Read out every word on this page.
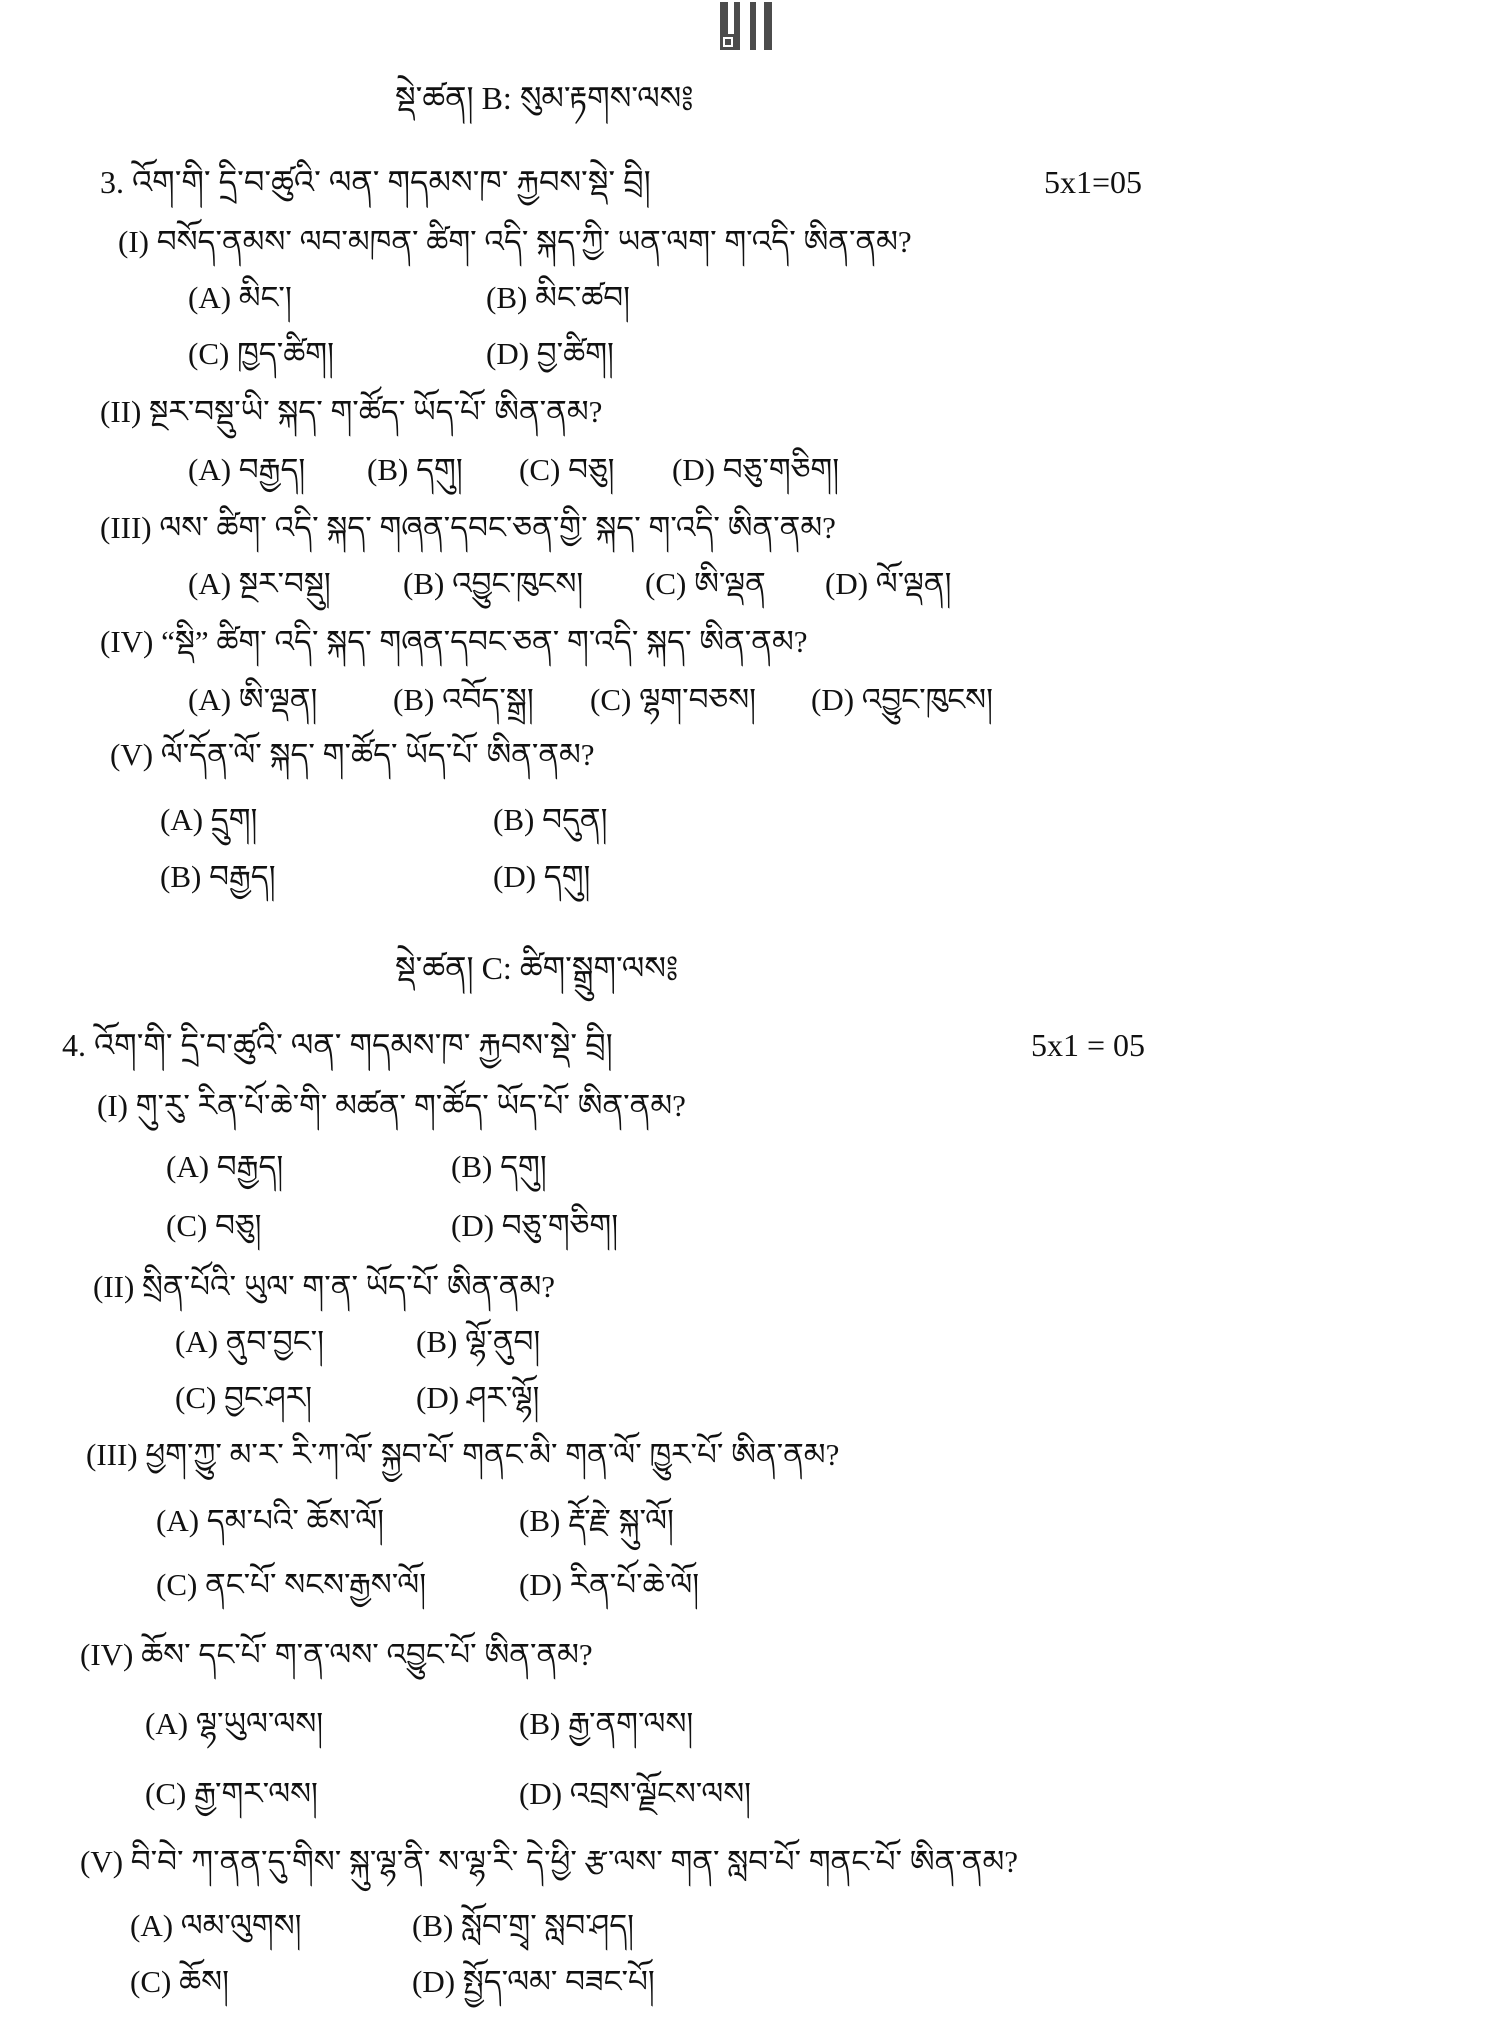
སྡེ་ཚན། B: སུམ་རྟགས་ལས༔
3. འོག་གི་ དྲི་བ་ཚུའི་ ལན་ གདམས་ཁ་ རྐྱབས་སྡེ་ བྲི།	5x1=05
(I) བསོད་ནམས་ ལབ་མཁན་ ཚིག་ འདི་ སྐད་ཀྱི་ ཡན་ལག་ ག་འདི་ ཨིན་ནམ?
(A) མིང་།	(B) མིང་ཚབ།
(C) ཁྱད་ཚིག།	(D) བྱ་ཚིག།
(II) སྔར་བསྡུ་ཡི་ སྐད་ ག་ཚོད་ ཡོད་པོ་ ཨིན་ནམ?
(A) བརྒྱད། (B) དགུ། (C) བཅུ། (D) བཅུ་གཅིག།
(III) ལས་ ཚིག་ འདི་ སྐད་ གཞན་དབང་ཅན་གྱི་ སྐད་ ག་འདི་ ཨིན་ནམ?
(A) སྔར་བསྡུ། (B) འབྱུང་ཁུངས། (C) ཨི་ལྡན (D) ལོ་ལྡན།
(IV) “སྡི” ཚིག་ འདི་ སྐད་ གཞན་དབང་ཅན་ ག་འདི་ སྐད་ ཨིན་ནམ?
(A) ཨི་ལྡན། (B) འབོད་སྒྲ། (C) ལྷག་བཅས། (D) འབྱུང་ཁུངས།
(V) ལོ་དོན་ལོ་ སྐད་ ག་ཚོད་ ཡོད་པོ་ ཨིན་ནམ?
(A) དྲུག།	(B) བདུན།
(B) བརྒྱད།	(D) དགུ།
སྡེ་ཚན། C: ཚིག་སྒྲུག་ལས༔
4. འོག་གི་ དྲི་བ་ཚུའི་ ལན་ གདམས་ཁ་ རྐྱབས་སྡེ་ བྲི།	5x1 = 05
(I) གུ་རུ་ རིན་པོ་ཆེ་གི་ མཚན་ ག་ཚོད་ ཡོད་པོ་ ཨིན་ནམ?
(A) བརྒྱད།	(B) དགུ།
(C) བཅུ།	(D) བཅུ་གཅིག།
(II) སྲིན་པོའི་ ཡུལ་ ག་ན་ ཡོད་པོ་ ཨིན་ནམ?
(A) ནུབ་བྱང་།	(B) ལྷོ་ནུབ།
(C) བྱང་ཤར།	(D) ཤར་ལྷོ།
(III) ཕྱག་ཀྱུ་ མ་ར་ རི་ཀ་ལོ་ སྐྱབ་པོ་ གནང་མི་ གན་ལོ་ ཁྱུར་པོ་ ཨིན་ནམ?
(A) དམ་པའི་ ཆོས་ལོ།	(B) རྡོ་རྗེ་ སྐུ་ལོ།
(C) ནང་པོ་ སངས་རྒྱས་ལོ།	(D) རིན་པོ་ཆེ་ལོ།
(IV) ཆོས་ དང་པོ་ ག་ན་ལས་ འབྱུང་པོ་ ཨིན་ནམ?
(A) ལྷ་ཡུལ་ལས།	(B) རྒྱ་ནག་ལས།
(C) རྒྱ་གར་ལས།	(D) འབྲས་ལྗོངས་ལས།
(V) བི་བེ་ ཀ་ནན་དུ་གིས་ སྐུ་ལྷ་ནི་ ས་ལྷ་རི་ དེ་ཕྱི་ རྩ་ལས་ གན་ སླབ་པོ་ གནང་པོ་ ཨིན་ནམ?
(A) ལམ་ལུགས།	(B) སློབ་གྲྭ་ སླབ་ཤད།
(C) ཆོས།	(D) སྤྱོད་ལམ་ བཟང་པོ།
